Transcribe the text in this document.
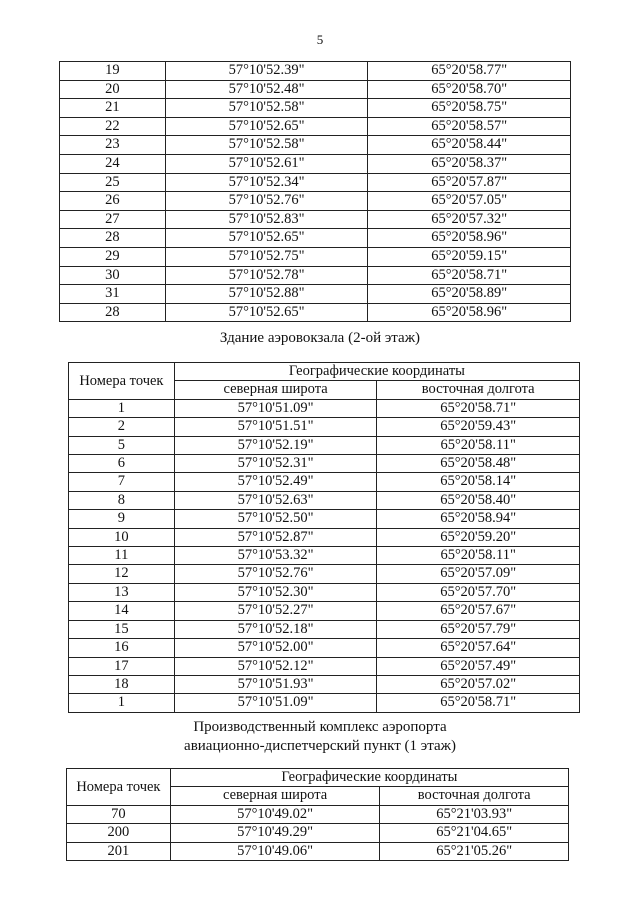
5
19	57°10'52.39"	65°20'58.77"
20	57°10'52.48"	65°20'58.70"
21	57°10'52.58"	65°20'58.75"
22	57°10'52.65"	65°20'58.57"
23	57°10'52.58"	65°20'58.44"
24	57°10'52.61"	65°20'58.37"
25	57°10'52.34"	65°20'57.87"
26	57°10'52.76"	65°20'57.05"
27	57°10'52.83"	65°20'57.32"
28	57°10'52.65"	65°20'58.96"
29	57°10'52.75"	65°20'59.15"
30	57°10'52.78"	65°20'58.71"
31	57°10'52.88"	65°20'58.89"
28	57°10'52.65"	65°20'58.96"
Здание аэровокзала (2-ой этаж)
Номера точек	Географические координаты	
	северная широта	восточная долгота
1	57°10'51.09"	65°20'58.71"
2	57°10'51.51"	65°20'59.43"
5	57°10'52.19"	65°20'58.11"
6	57°10'52.31"	65°20'58.48"
7	57°10'52.49"	65°20'58.14"
8	57°10'52.63"	65°20'58.40"
9	57°10'52.50"	65°20'58.94"
10	57°10'52.87"	65°20'59.20"
11	57°10'53.32"	65°20'58.11"
12	57°10'52.76"	65°20'57.09"
13	57°10'52.30"	65°20'57.70"
14	57°10'52.27"	65°20'57.67"
15	57°10'52.18"	65°20'57.79"
16	57°10'52.00"	65°20'57.64"
17	57°10'52.12"	65°20'57.49"
18	57°10'51.93"	65°20'57.02"
1	57°10'51.09"	65°20'58.71"
Производственный комплекс аэропорта
авиационно-диспетчерский пункт (1 этаж)
Номера точек	Географические координаты	
	северная широта	восточная долгота
70	57°10'49.02"	65°21'03.93"
200	57°10'49.29"	65°21'04.65"
201	57°10'49.06"	65°21'05.26"
